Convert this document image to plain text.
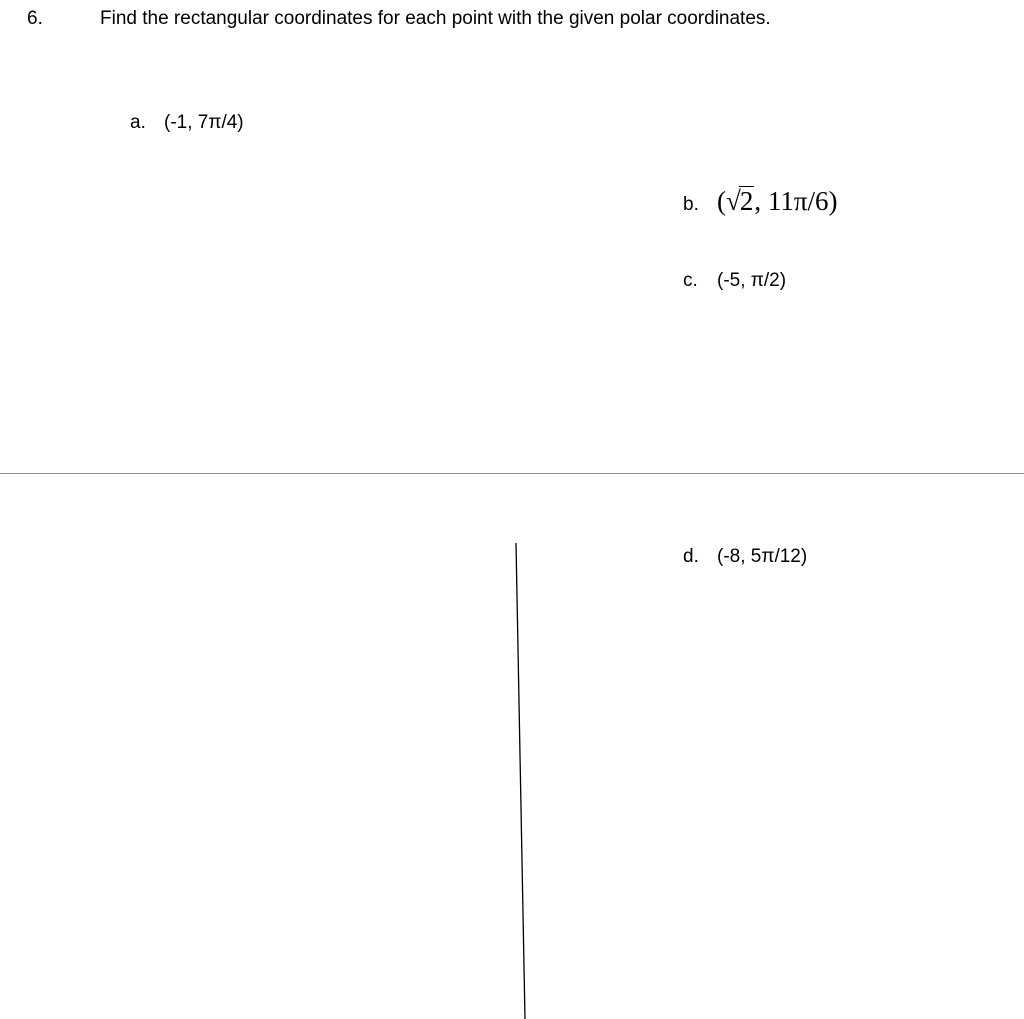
6.	Find the rectangular coordinates for each point with the given polar coordinates.
a. (-1, 7π/4)
b. ( √ 2 , 11π/6)
c.	(-5, π/2)
d. (-8, 5π/12)
